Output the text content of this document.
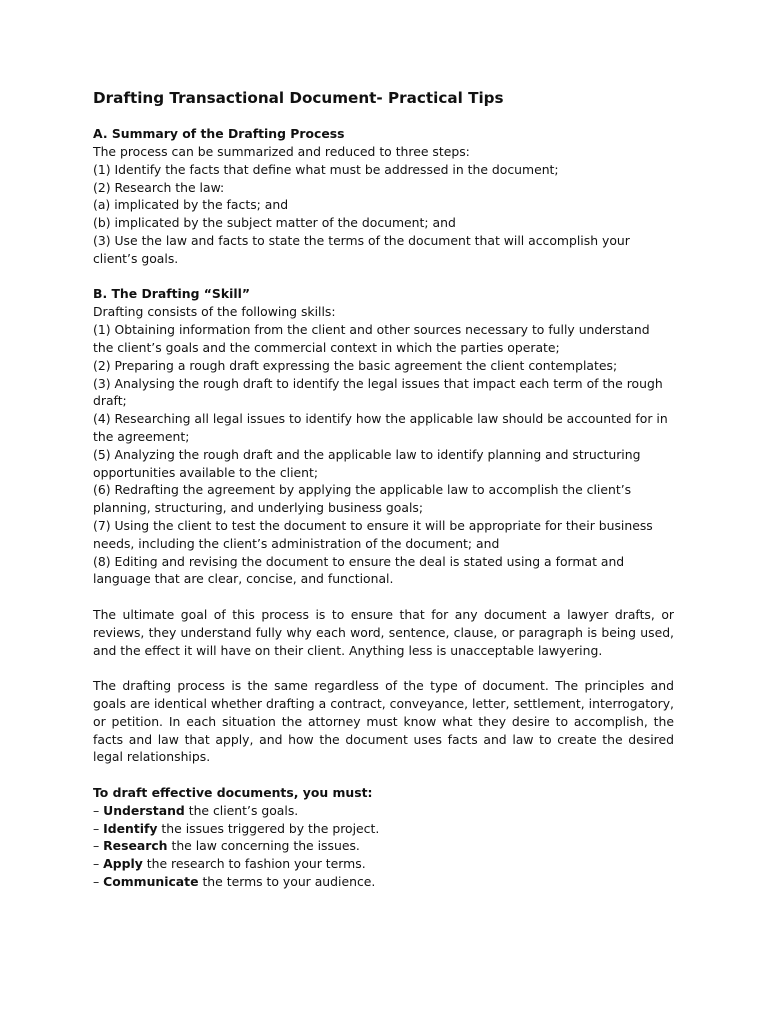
Drafting Transactional Document- Practical Tips

A. Summary of the Drafting Process

The process can be summarized and reduced to three steps:

(1) Identify the facts that define what must be addressed in the document;

(2) Research the law:

(a) implicated by the facts; and

(b) implicated by the subject matter of the document; and

(3) Use the law and facts to state the terms of the document that will accomplish your

client’s goals.

B. The Drafting “Skill”

Drafting consists of the following skills:

(1) Obtaining information from the client and other sources necessary to fully understand

the client’s goals and the commercial context in which the parties operate;

(2) Preparing a rough draft expressing the basic agreement the client contemplates;

(3) Analysing the rough draft to identify the legal issues that impact each term of the rough

draft;

(4) Researching all legal issues to identify how the applicable law should be accounted for in

the agreement;

(5) Analyzing the rough draft and the applicable law to identify planning and structuring

opportunities available to the client;

(6) Redrafting the agreement by applying the applicable law to accomplish the client’s

planning, structuring, and underlying business goals;

(7) Using the client to test the document to ensure it will be appropriate for their business

needs, including the client’s administration of the document; and

(8) Editing and revising the document to ensure the deal is stated using a format and

language that are clear, concise, and functional.

The ultimate goal of this process is to ensure that for any document a lawyer drafts, or reviews, they understand fully why each word, sentence, clause, or paragraph is being used, and the effect it will have on their client. Anything less is unacceptable lawyering.

The drafting process is the same regardless of the type of document. The principles and goals are identical whether drafting a contract, conveyance, letter, settlement, interrogatory, or petition. In each situation the attorney must know what they desire to accomplish, the facts and law that apply, and how the document uses facts and law to create the desired legal relationships.

To draft effective documents, you must:

– Understand the client’s goals.
– Identify the issues triggered by the project.
– Research the law concerning the issues.
– Apply the research to fashion your terms.
– Communicate the terms to your audience.
